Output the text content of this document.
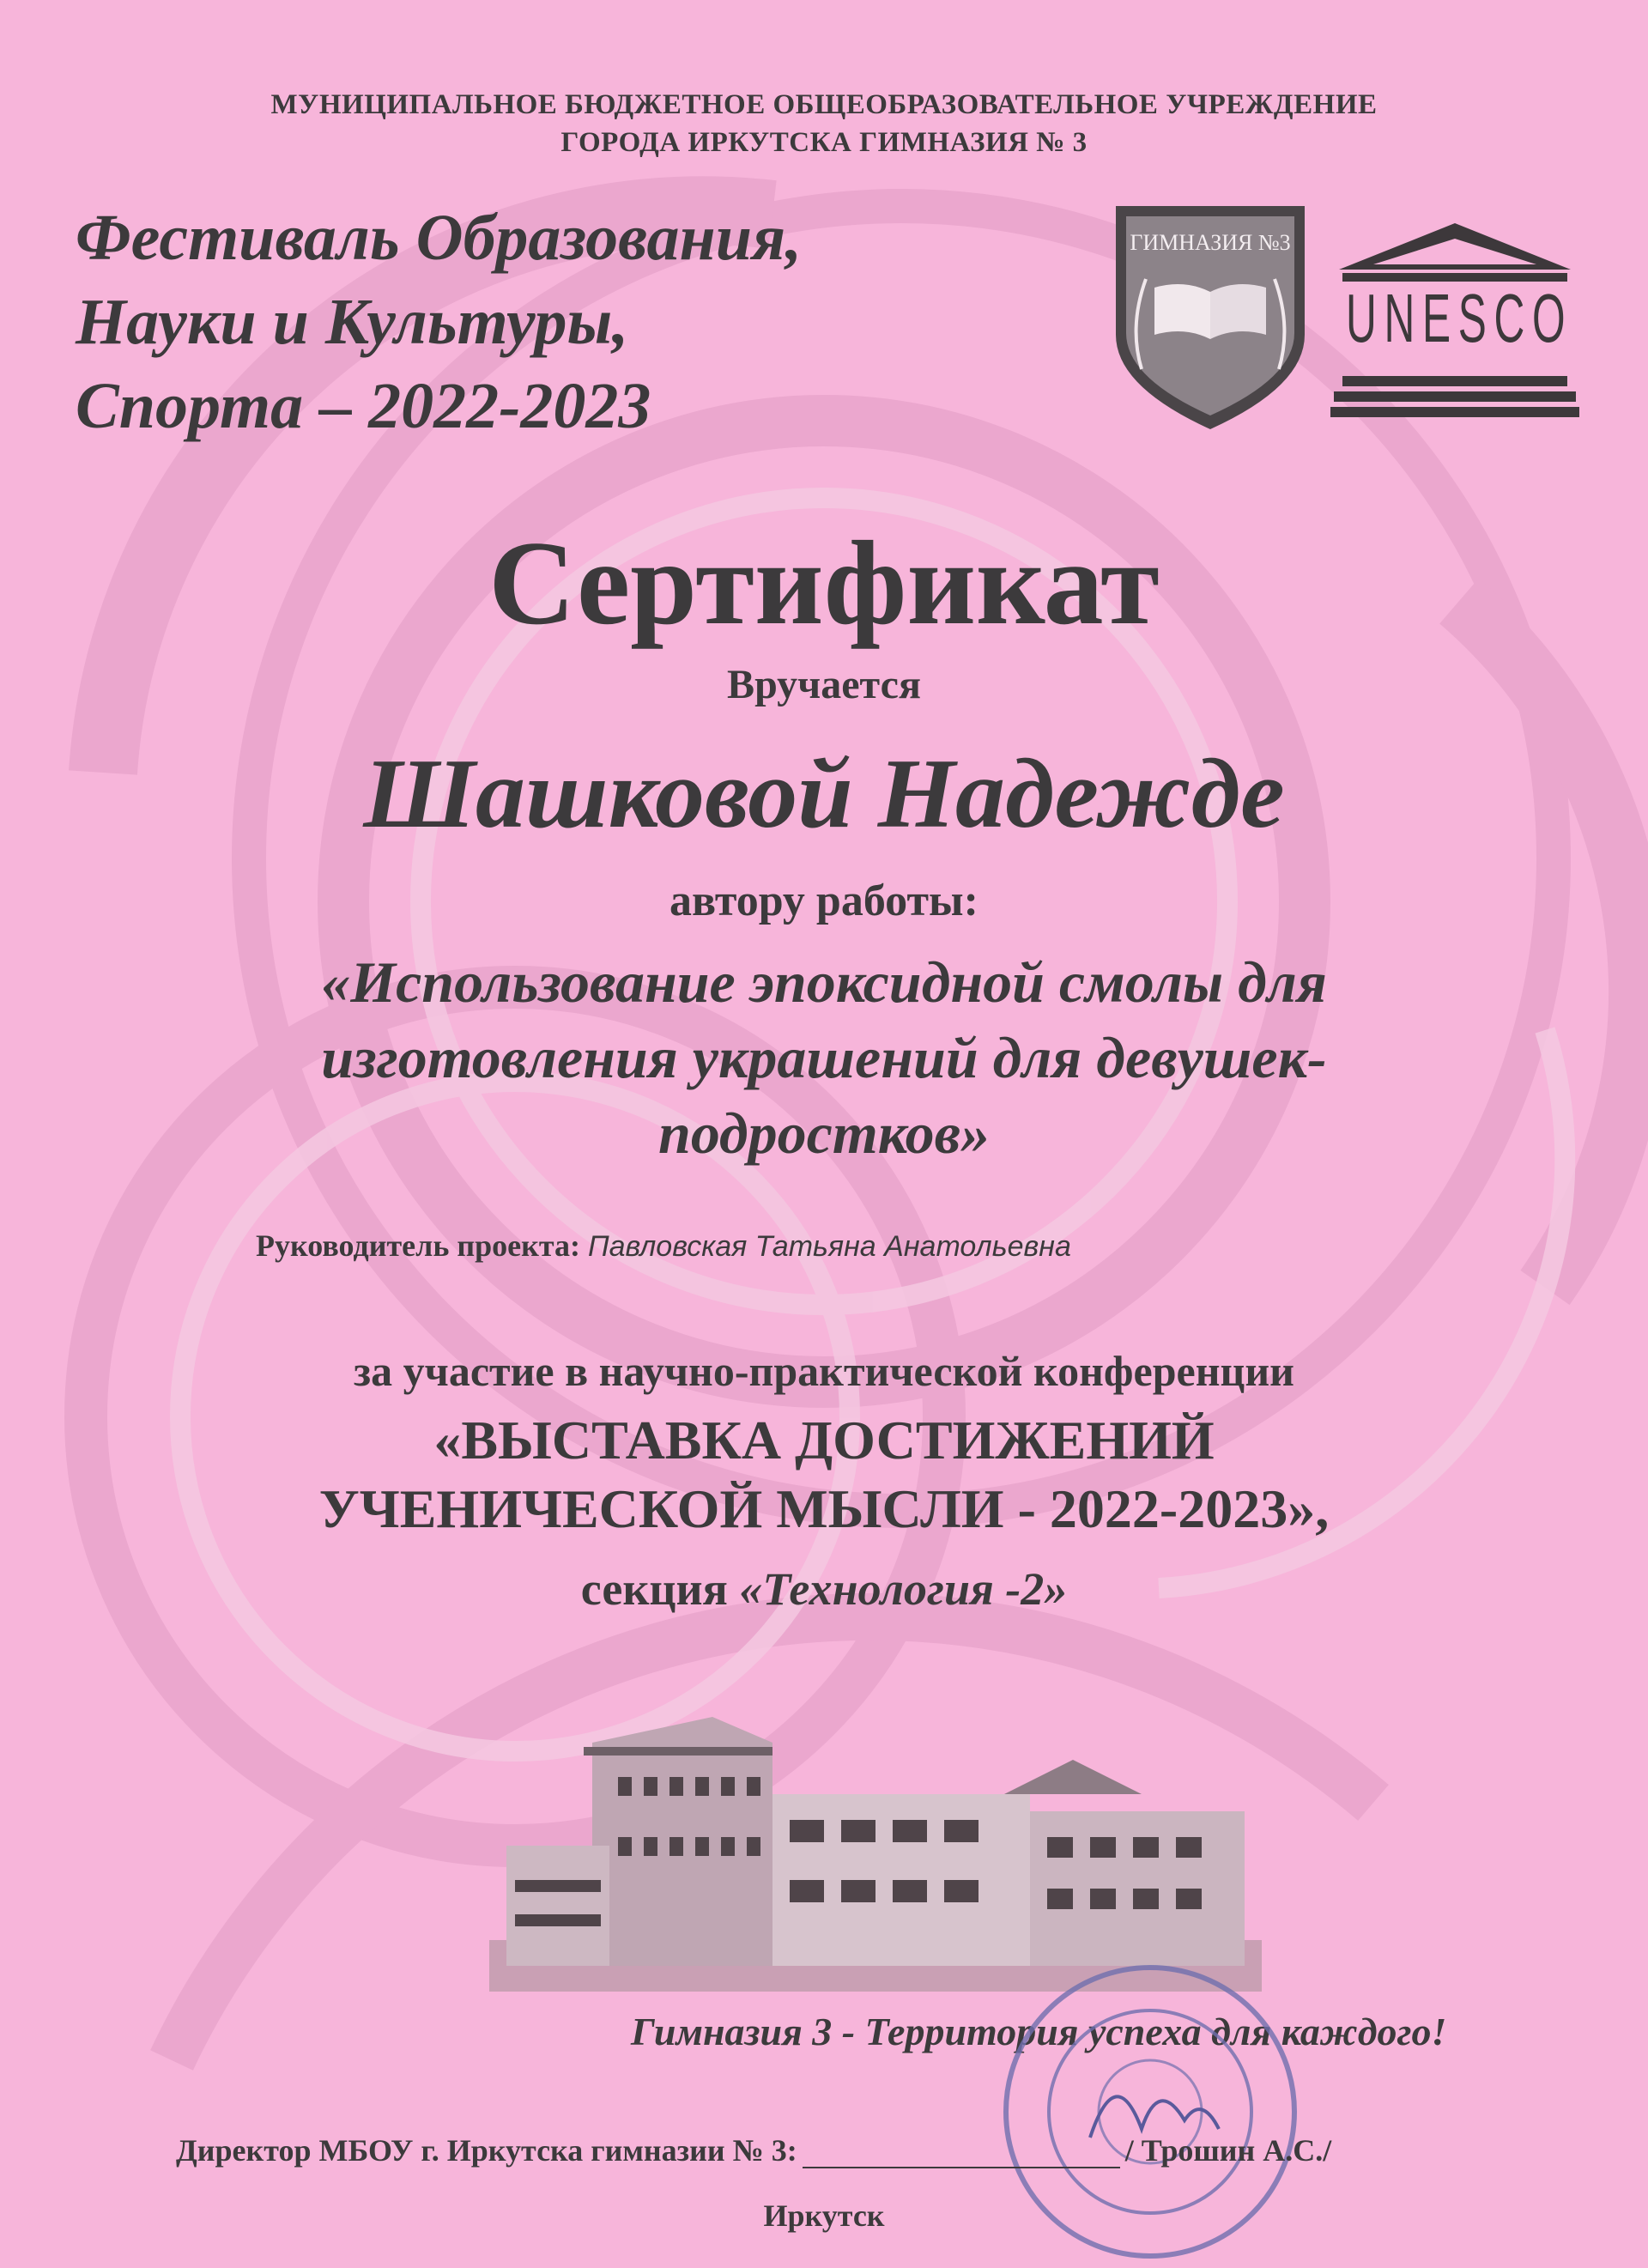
МУНИЦИПАЛЬНОЕ БЮДЖЕТНОЕ ОБЩЕОБРАЗОВАТЕЛЬНОЕ УЧРЕЖДЕНИЕ
ГОРОДА ИРКУТСКА ГИМНАЗИЯ № 3
Фестиваль Образования,
Науки и Культуры,
Спорта – 2022-2023
ГИМНАЗИЯ №3
UNESCO
Сертификат
Вручается
Шашковой Надежде
автору работы:
«Использование эпоксидной смолы для изготовления украшений для девушек-подростков»
Руководитель проекта: Павловская Татьяна Анатольевна
за участие в научно-практической конференции
«ВЫСТАВКА ДОСТИЖЕНИЙ
УЧЕНИЧЕСКОЙ МЫСЛИ - 2022-2023»,
секция «Технология -2»
Гимназия 3 - Территория успеха для каждого!
Директор МБОУ г. Иркутска гимназии № 3:	/ Трошин А.С./
Иркутск
